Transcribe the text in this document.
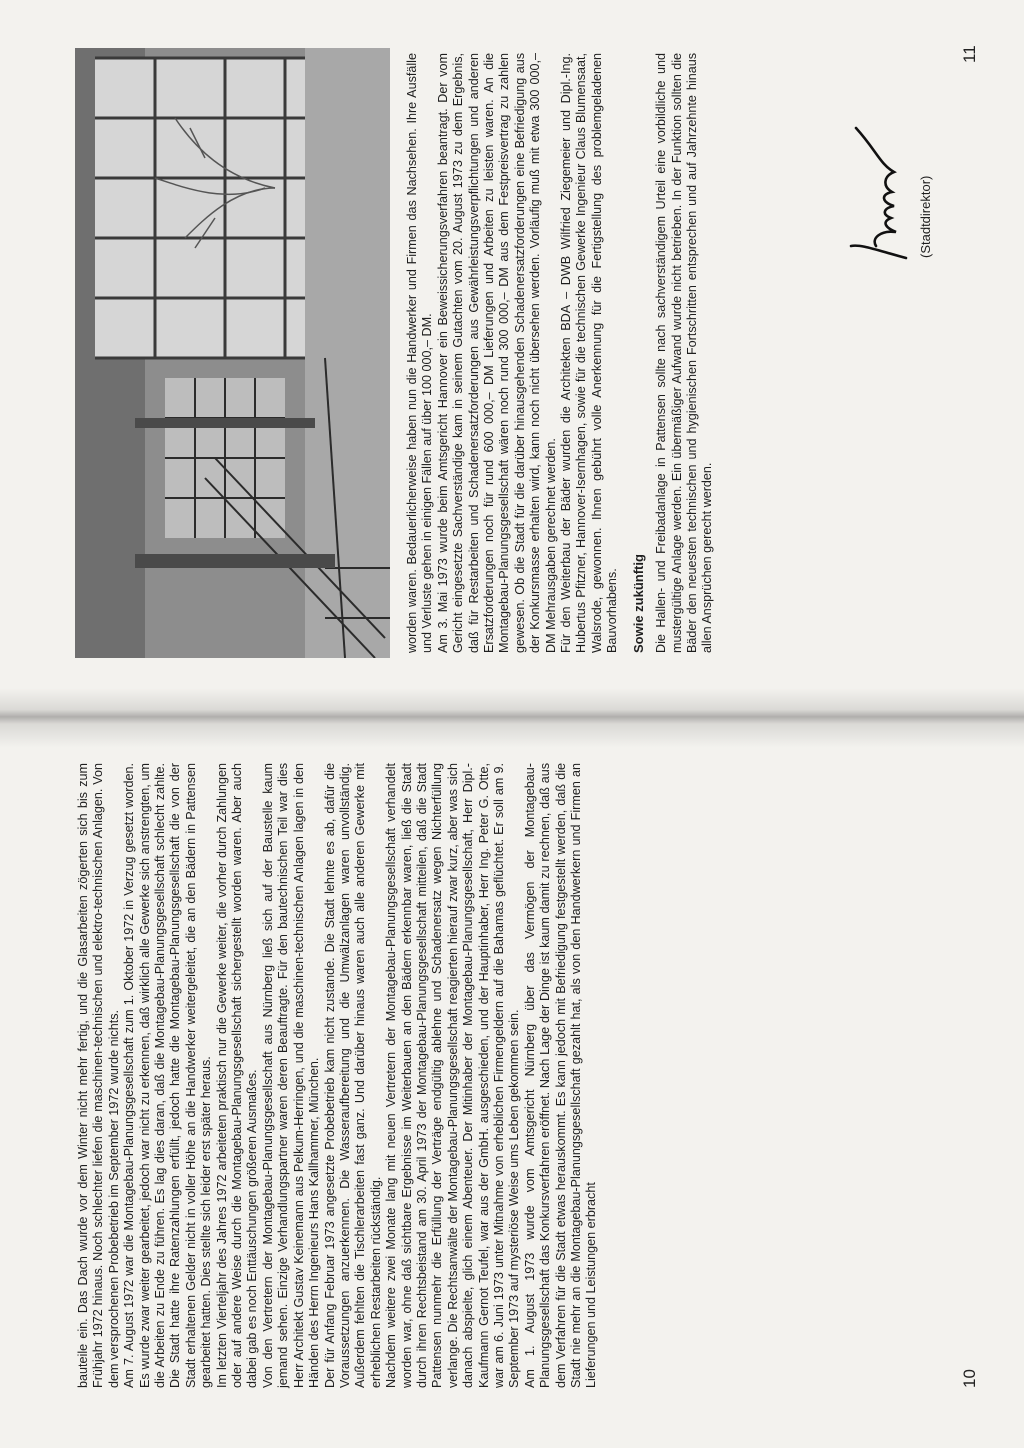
10

bauteile ein. Das Dach wurde vor dem Winter nicht mehr fertig, und die Glasarbeiten zögerten sich bis zum Frühjahr 1972 hinaus. Noch schlechter liefen die maschinen-technischen und elektro-technischen Anlagen. Von dem versprochenen Probebetrieb im September 1972 wurde nichts. Am 7. August 1972 war die Montagebau-Planungsgesellschaft zum 1. Oktober 1972 in Verzug gesetzt worden. Es wurde zwar weiter gearbeitet, jedoch war nicht zu erkennen, daß wirklich alle Gewerke sich anstrengten, um die Arbeiten zu Ende zu führen. Es lag dies daran, daß die Montagebau-Planungsgesellschaft schlecht zahlte. Die Stadt hatte ihre Ratenzahlungen erfüllt, jedoch hatte die Montagebau-Planungsgesellschaft die von der Stadt erhaltenen Gelder nicht in voller Höhe an die Handwerker weitergeleitet, die an den Bädern in Pattensen gearbeitet hatten. Dies stellte sich leider erst später heraus. Im letzten Vierteljahr des Jahres 1972 arbeiteten praktisch nur die Gewerke weiter, die vorher durch Zahlungen oder auf andere Weise durch die Montagebau-Planungsgesellschaft sichergestellt worden waren. Aber auch dabei gab es noch Enttäuschungen größeren Ausmaßes. Von den Vertretern der Montagebau-Planungsgesellschaft aus Nürnberg ließ sich auf der Baustelle kaum jemand sehen. Einzige Verhandlungspartner waren deren Beauftragte. Für den bautechnischen Teil war dies Herr Architekt Gustav Keinemann aus Pelkum-Herringen, und die maschinen-technischen Anlagen lagen in den Händen des Herrn Ingenieurs Hans Kallhammer, München. Der für Anfang Februar 1973 angesetzte Probebetrieb kam nicht zustande. Die Stadt lehnte es ab, dafür die Voraussetzungen anzuerkennen. Die Wasseraufbereitung und die Umwälzanlagen waren unvollständig. Außerdem fehlten die Tischlerarbeiten fast ganz. Und darüber hinaus waren auch alle anderen Gewerke mit erheblichen Restarbeiten rückständig. Nachdem weitere zwei Monate lang mit neuen Vertretern der Montagebau-Planungsgesellschaft verhandelt worden war, ohne daß sichtbare Ergebnisse im Weiterbauen an den Bädern erkennbar waren, ließ die Stadt durch ihren Rechtsbeistand am 30. April 1973 der Montagebau-Planungsgesellschaft mitteilen, daß die Stadt Pattensen nunmehr die Erfüllung der Verträge endgültig ablehne und Schadenersatz wegen Nichterfüllung verlange. Die Rechtsanwälte der Montagebau-Planungsgesellschaft reagierten hierauf zwar kurz, aber was sich danach abspielte, glich einem Abenteuer. Der Mitinhaber der Montagebau-Planungsgesellschaft, Herr Dipl.-Kaufmann Gernot Teufel, war aus der GmbH. ausgeschieden, und der Hauptinhaber, Herr Ing. Peter G. Otte, war am 6. Juni 1973 unter Mitnahme von erheblichen Firmengeldern auf die Bahamas geflüchtet. Er soll am 9. September 1973 auf mysteriöse Weise ums Leben gekommen sein. Am 1. August 1973 wurde vom Amtsgericht Nürnberg über das Vermögen der Montagebau-Planungsgesellschaft das Konkursverfahren eröffnet. Nach Lage der Dinge ist kaum damit zu rechnen, daß aus dem Verfahren für die Stadt etwas herauskommt. Es kann jedoch mit Befriedigung festgestellt werden, daß die Stadt nie mehr an die Montagebau-Planungsgesellschaft gezahlt hat, als von den Handwerkern und Firmen an Lieferungen und Leistungen erbracht

11

worden waren. Bedauerlicherweise haben nun die Handwerker und Firmen das Nachsehen. Ihre Ausfälle und Verluste gehen in einigen Fällen auf über 100 000,– DM. Am 3. Mai 1973 wurde beim Amtsgericht Hannover ein Beweissicherungsverfahren beantragt. Der vom Gericht eingesetzte Sachverständige kam in seinem Gutachten vom 20. August 1973 zu dem Ergebnis, daß für Restarbeiten und Schadenersatzforderungen aus Gewährleistungsverpflichtungen und anderen Ersatzforderungen noch für rund 600 000,– DM Lieferungen und Arbeiten zu leisten waren. An die Montagebau-Planungsgesellschaft wären noch rund 300 000,– DM aus dem Festpreisvertrag zu zahlen gewesen. Ob die Stadt für die darüber hinausgehenden Schadenersatzforderungen eine Befriedigung aus der Konkursmasse erhalten wird, kann noch nicht übersehen werden. Vorläufig muß mit etwa 300 000,– DM Mehrausgaben gerechnet werden. Für den Weiterbau der Bäder wurden die Architekten BDA – DWB Wilfried Ziegemeier und Dipl.-Ing. Hubertus Pfitzner, Hannover-Isernhagen, sowie für die technischen Gewerke Ingenieur Claus Blumensaat, Walsrode, gewonnen. Ihnen gebührt volle Anerkennung für die Fertigstellung des problemgeladenen Bauvorhabens. Sowie zukünftig Die Hallen- und Freibadanlage in Pattensen sollte nach sachverständigem Urteil eine vorbildliche und mustergültige Anlage werden. Ein übermäßiger Aufwand wurde nicht betrieben. In der Funktion sollten die Bäder den neuesten technischen und hygienischen Fortschritten entsprechen und auf Jahrzehnte hinaus allen Ansprüchen gerecht werden.

(Stadtdirektor)
